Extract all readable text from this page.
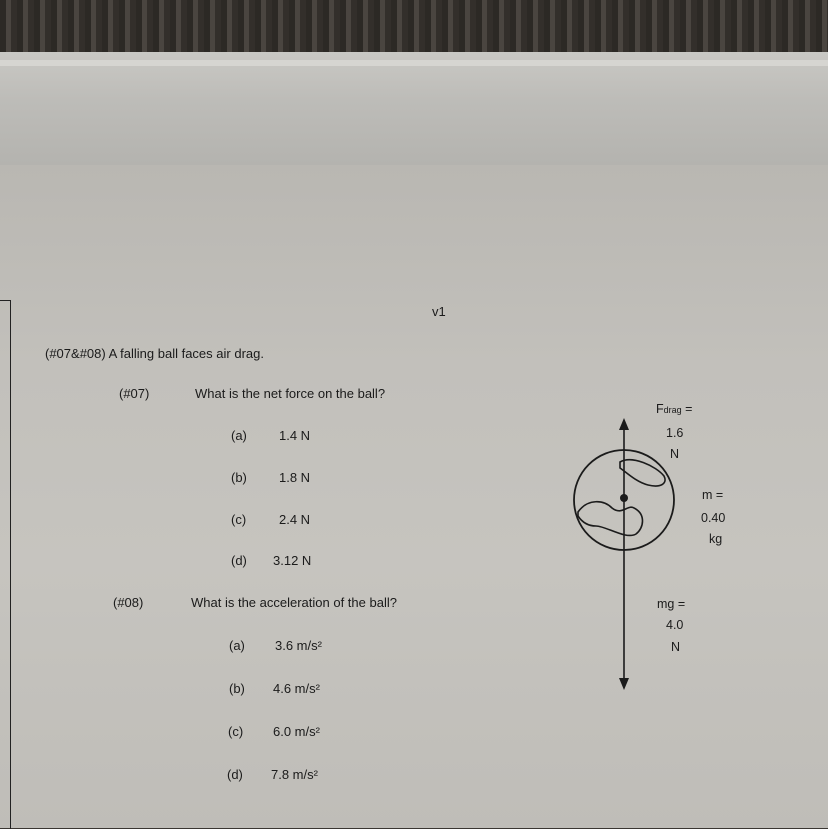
v1
(#07&#08) A falling ball faces air drag.
(#07)	What is the net force on the ball?
(a) 1.4 N
(b) 1.8 N
(c)	2.4 N
(d) 3.12 N
(#08)	What is the acceleration of the ball?
(a) 3.6 m/s²
(b) 4.6 m/s²
(c) 6.0 m/s²
(d) 7.8 m/s²
Fdrag =
1.6
N
m =
0.40
kg
mg =
4.0
N
